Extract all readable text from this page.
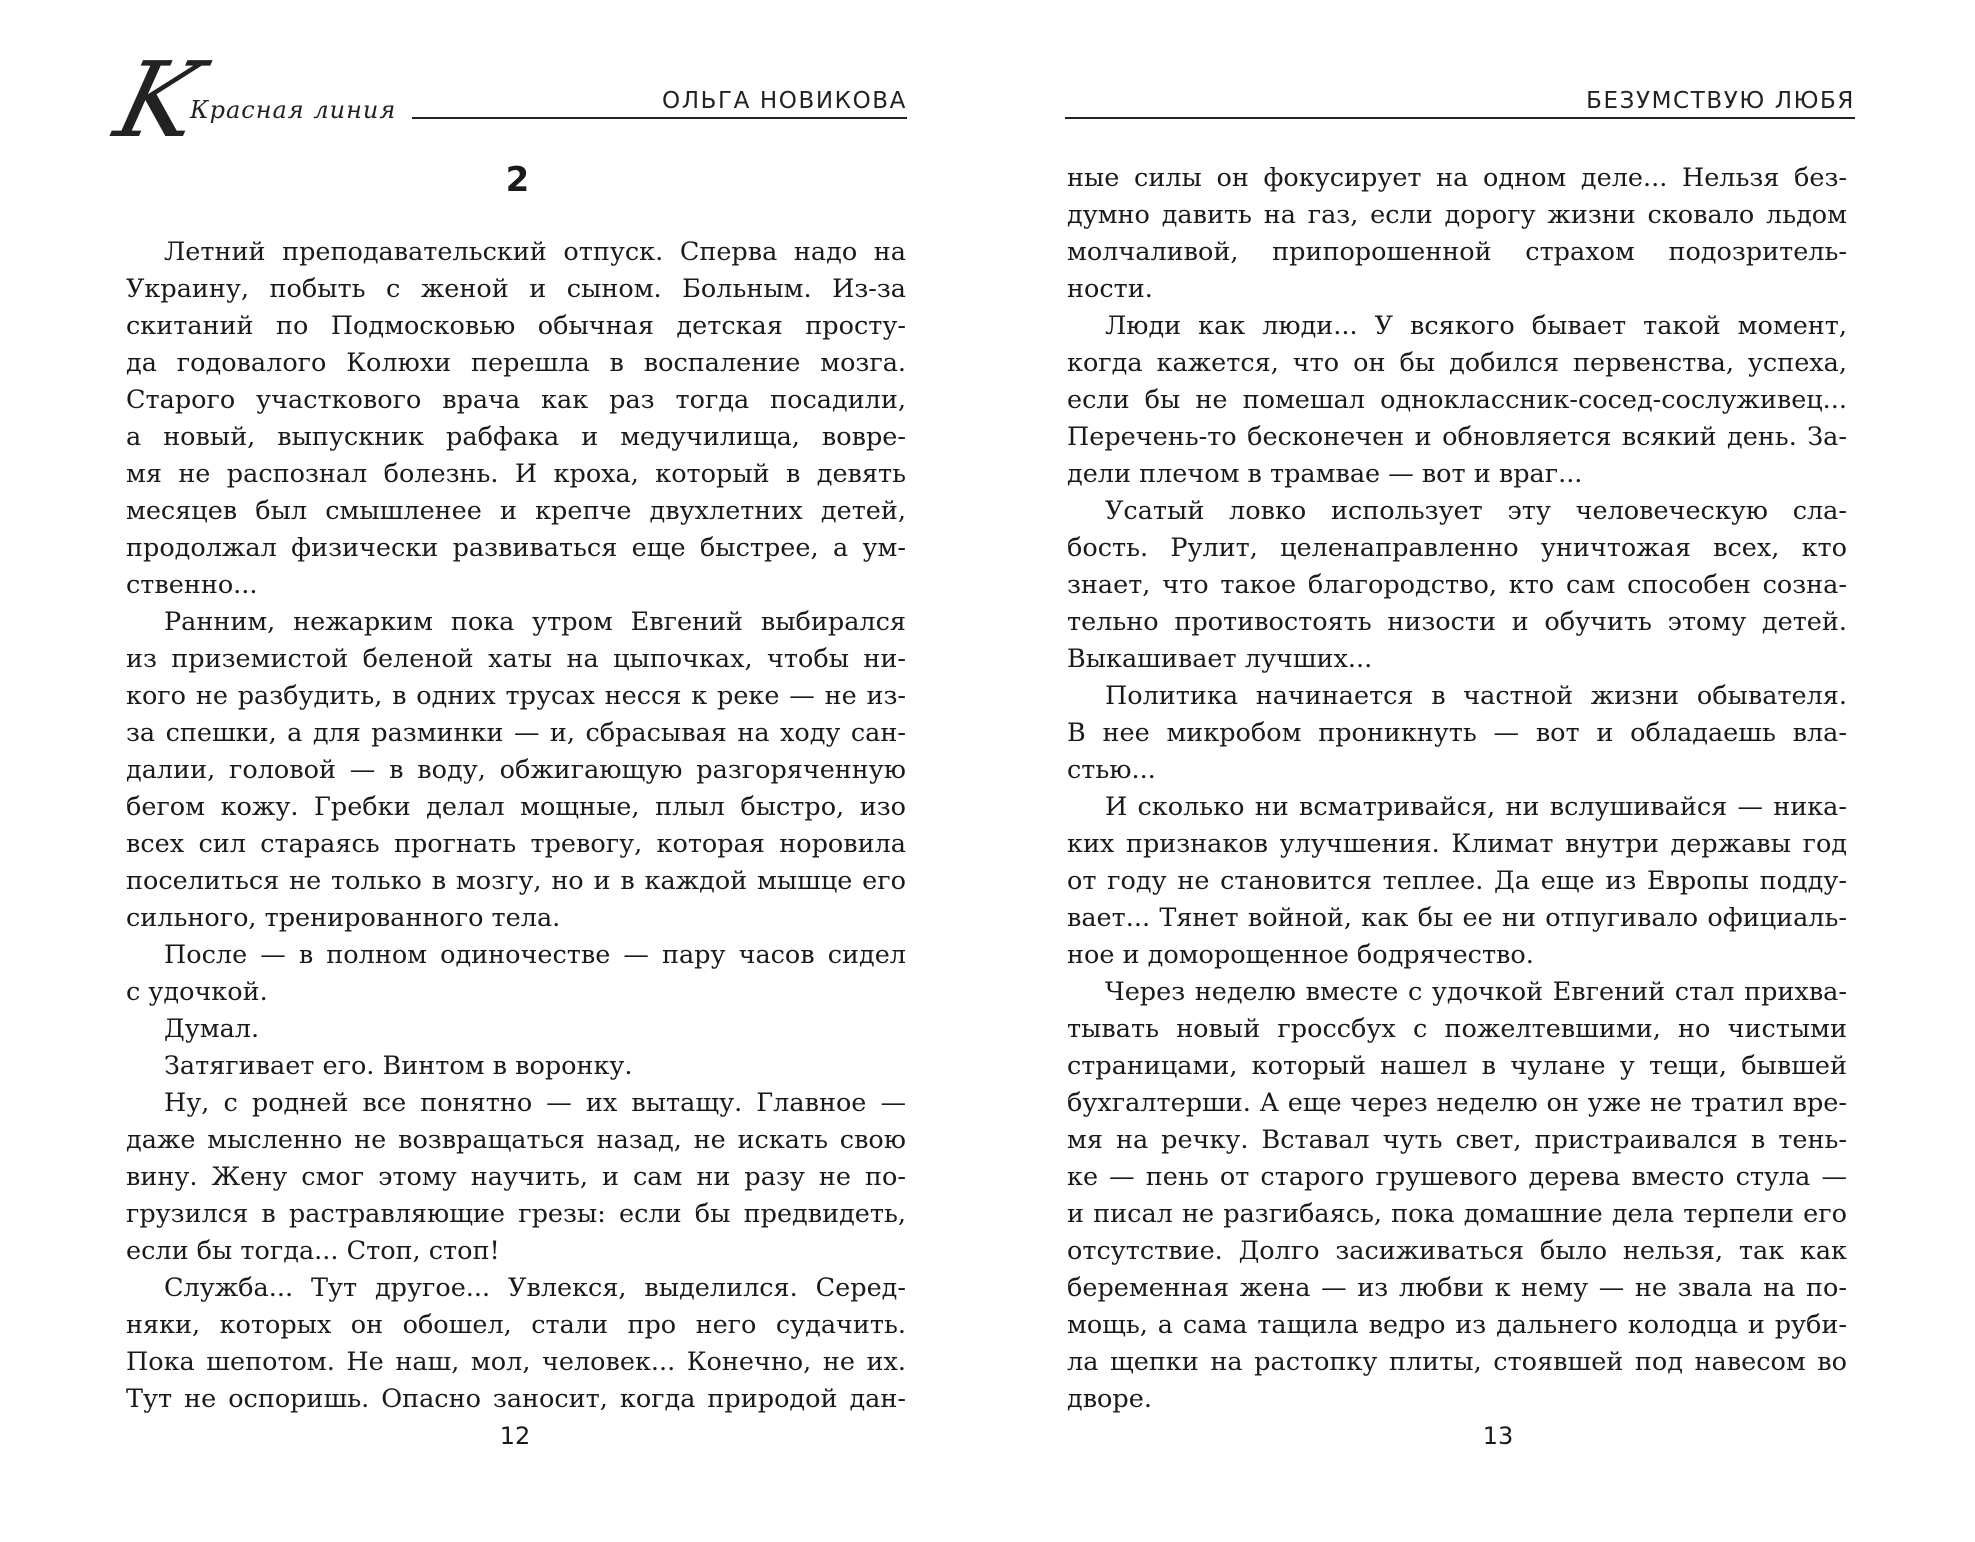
K
Красная линия	ОЛЬГА НОВИКОВА
2
Летний преподавательский отпуск. Сперва надо на
Украину, побыть с женой и сыном. Больным. Из-за
скитаний по Подмосковью обычная детская просту-
да годовалого Колюхи перешла в воспаление мозга.
Старого участкового врача как раз тогда посадили,
а новый, выпускник рабфака и медучилища, вовре-
мя не распознал болезнь. И кроха, который в девять
месяцев был смышленее и крепче двухлетних детей,
продолжал физически развиваться еще быстрее, а ум-
ственно...
Ранним, нежарким пока утром Евгений выбирался
из приземистой беленой хаты на цыпочках, чтобы ни-
кого не разбудить, в одних трусах несся к реке — не из-
за спешки, а для разминки — и, сбрасывая на ходу сан-
далии, головой — в воду, обжигающую разгоряченную
бегом кожу. Гребки делал мощные, плыл быстро, изо
всех сил стараясь прогнать тревогу, которая норовила
поселиться не только в мозгу, но и в каждой мышце его
сильного, тренированного тела.
После — в полном одиночестве — пару часов сидел
с удочкой.
Думал.
Затягивает его. Винтом в воронку.
Ну, с родней все понятно — их вытащу. Главное —
даже мысленно не возвращаться назад, не искать свою
вину. Жену смог этому научить, и сам ни разу не по-
грузился в растравляющие грезы: если бы предвидеть,
если бы тогда... Стоп, стоп!
Служба... Тут другое... Увлекся, выделился. Серед-
няки, которых он обошел, стали про него судачить.
Пока шепотом. Не наш, мол, человек... Конечно, не их.
Тут не оспоришь. Опасно заносит, когда природой дан-
12
БЕЗУМСТВУЮ ЛЮБЯ
ные силы он фокусирует на одном деле... Нельзя без-
думно давить на газ, если дорогу жизни сковало льдом
молчаливой, припорошенной страхом подозритель-
ности.
Люди как люди... У всякого бывает такой момент,
когда кажется, что он бы добился первенства, успеха,
если бы не помешал одноклассник-сосед-сослуживец...
Перечень-то бесконечен и обновляется всякий день. За-
дели плечом в трамвае — вот и враг...
Усатый ловко использует эту человеческую сла-
бость. Рулит, целенаправленно уничтожая всех, кто
знает, что такое благородство, кто сам способен созна-
тельно противостоять низости и обучить этому детей.
Выкашивает лучших...
Политика начинается в частной жизни обывателя.
В нее микробом проникнуть — вот и обладаешь вла-
стью...
И сколько ни всматривайся, ни вслушивайся — ника-
ких признаков улучшения. Климат внутри державы год
от году не становится теплее. Да еще из Европы подду-
вает... Тянет войной, как бы ее ни отпугивало официаль-
ное и доморощенное бодрячество.
Через неделю вместе с удочкой Евгений стал прихва-
тывать новый гроссбух с пожелтевшими, но чистыми
страницами, который нашел в чулане у тещи, бывшей
бухгалтерши. А еще через неделю он уже не тратил вре-
мя на речку. Вставал чуть свет, пристраивался в тень-
ке — пень от старого грушевого дерева вместо стула —
и писал не разгибаясь, пока домашние дела терпели его
отсутствие. Долго засиживаться было нельзя, так как
беременная жена — из любви к нему — не звала на по-
мощь, а сама тащила ведро из дальнего колодца и руби-
ла щепки на растопку плиты, стоявшей под навесом во
дворе.
13
